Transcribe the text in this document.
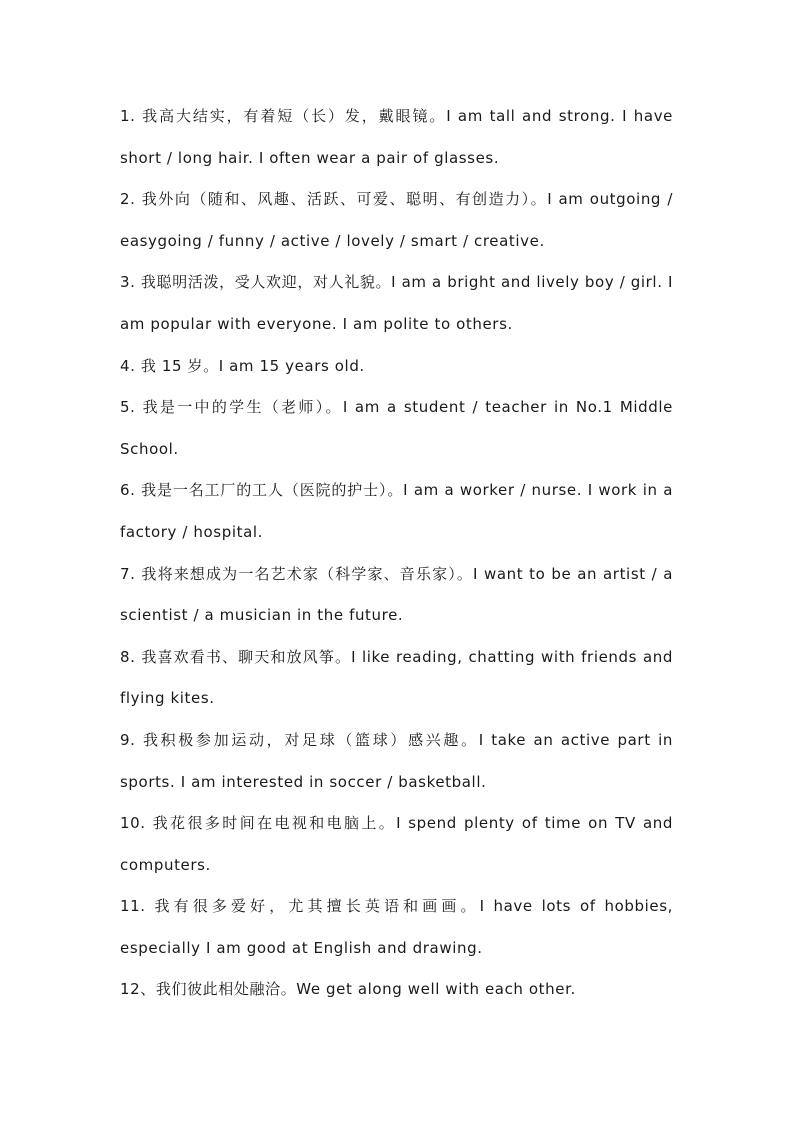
1. 我高大结实，有着短（长）发，戴眼镜。I am tall and strong. I have short / long hair. I often wear a pair of glasses.

2. 我外向（随和、风趣、活跃、可爱、聪明、有创造力）。I am outgoing / easygoing / funny / active / lovely / smart / creative.

3. 我聪明活泼，受人欢迎，对人礼貌。I am a bright and lively boy / girl. I am popular with everyone. I am polite to others.

4. 我 15 岁。I am 15 years old.

5. 我是一中的学生（老师）。I am a student / teacher in No.1 Middle School.

6. 我是一名工厂的工人（医院的护士）。I am a worker / nurse. I work in a factory / hospital.

7. 我将来想成为一名艺术家（科学家、音乐家）。I want to be an artist / a scientist / a musician in the future.

8. 我喜欢看书、聊天和放风筝。I like reading, chatting with friends and flying kites.

9. 我积极参加运动，对足球（篮球）感兴趣。I take an active part in sports. I am interested in soccer / basketball.

10. 我花很多时间在电视和电脑上。I spend plenty of time on TV and computers.

11. 我有很多爱好，尤其擅长英语和画画。I have lots of hobbies, especially I am good at English and drawing.

12、我们彼此相处融洽。We get along well with each other.
